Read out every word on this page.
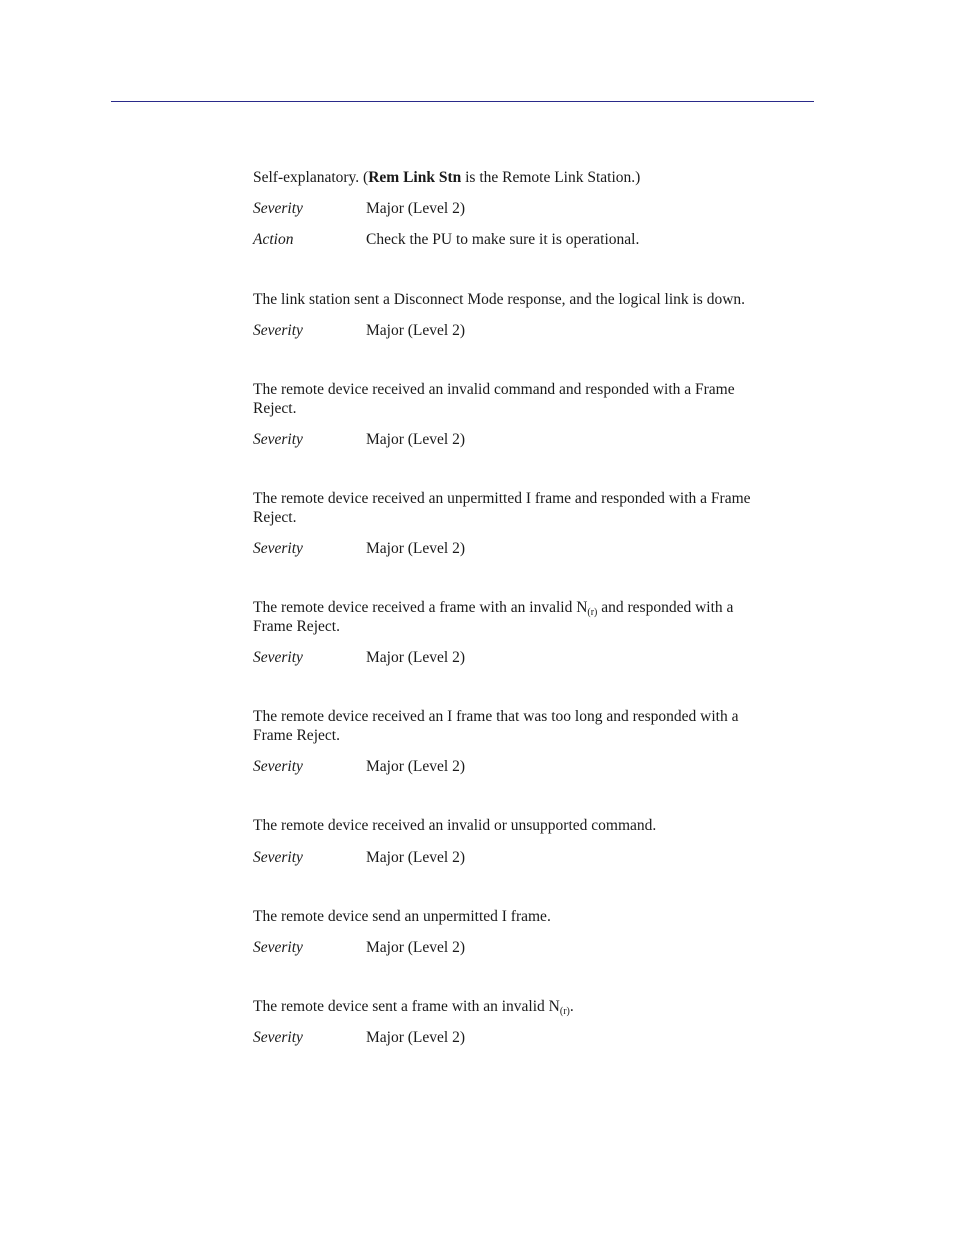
Self-explanatory. (Rem Link Stn is the Remote Link Station.)

Severity	Major (Level 2)
Action	Check the PU to make sure it is operational.

The link station sent a Disconnect Mode response, and the logical link is down.

Severity	Major (Level 2)

The remote device received an invalid command and responded with a Frame
Reject.

Severity	Major (Level 2)

The remote device received an unpermitted I frame and responded with a Frame
Reject.

Severity	Major (Level 2)

The remote device received a frame with an invalid $N_{(r)}$ and responded with a
Frame Reject.

Severity	Major (Level 2)

The remote device received an I frame that was too long and responded with a
Frame Reject.

Severity	Major (Level 2)

The remote device received an invalid or unsupported command.

Severity	Major (Level 2)

The remote device send an unpermitted I frame.

Severity	Major (Level 2)

The remote device sent a frame with an invalid $N_{(r)}$.

Severity	Major (Level 2)
